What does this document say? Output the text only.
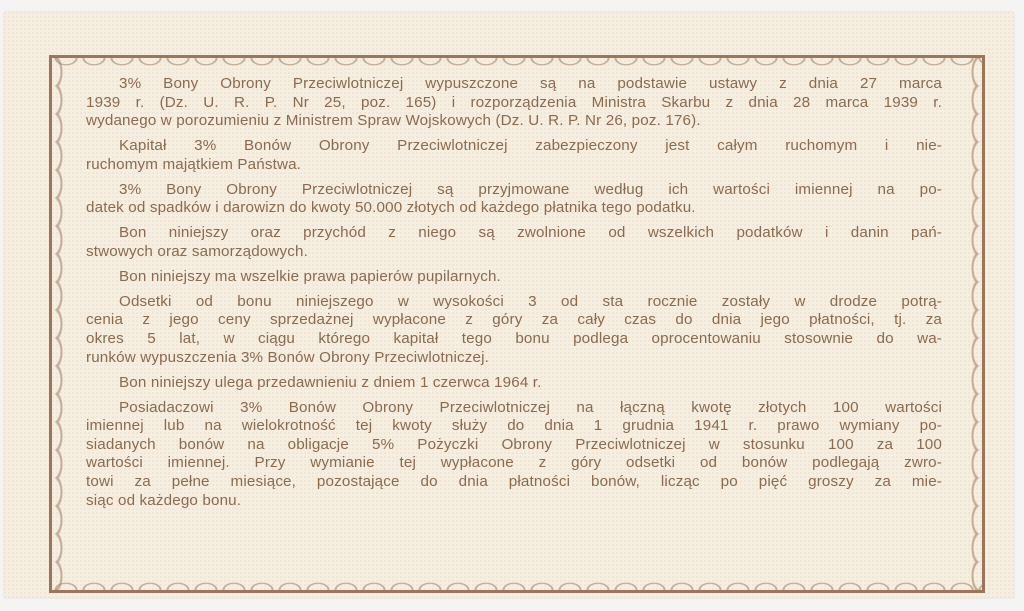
3% Bony Obrony Przeciwlotniczej wypuszczone są na podstawie ustawy z dnia 27 marca
1939 r. (Dz. U. R. P. Nr 25, poz. 165) i rozporządzenia Ministra Skarbu z dnia 28 marca 1939 r.
wydanego w porozumieniu z Ministrem Spraw Wojskowych (Dz. U. R. P. Nr 26, poz. 176).

Kapitał 3% Bonów Obrony Przeciwlotniczej zabezpieczony jest całym ruchomym i nie-
ruchomym majątkiem Państwa.

3% Bony Obrony Przeciwlotniczej są przyjmowane według ich wartości imiennej na po-
datek od spadków i darowizn do kwoty 50.000 złotych od każdego płatnika tego podatku.

Bon niniejszy oraz przychód z niego są zwolnione od wszelkich podatków i danin pań-
stwowych oraz samorządowych.

Bon niniejszy ma wszelkie prawa papierów pupilarnych.

Odsetki od bonu niniejszego w wysokości 3 od sta rocznie zostały w drodze potrą-
cenia z jego ceny sprzedażnej wypłacone z góry za cały czas do dnia jego płatności, tj. za
okres 5 lat, w ciągu którego kapitał tego bonu podlega oprocentowaniu stosownie do wa-
runków wypuszczenia 3% Bonów Obrony Przeciwlotniczej.

Bon niniejszy ulega przedawnieniu z dniem 1 czerwca 1964 r.

Posiadaczowi 3% Bonów Obrony Przeciwlotniczej na łączną kwotę złotych 100 wartości
imiennej lub na wielokrotność tej kwoty służy do dnia 1 grudnia 1941 r. prawo wymiany po-
siadanych bonów na obligacje 5% Pożyczki Obrony Przeciwlotniczej w stosunku 100 za 100
wartości imiennej. Przy wymianie tej wypłacone z góry odsetki od bonów podlegają zwro-
towi za pełne miesiące, pozostające do dnia płatności bonów, licząc po pięć groszy za mie-
siąc od każdego bonu.
